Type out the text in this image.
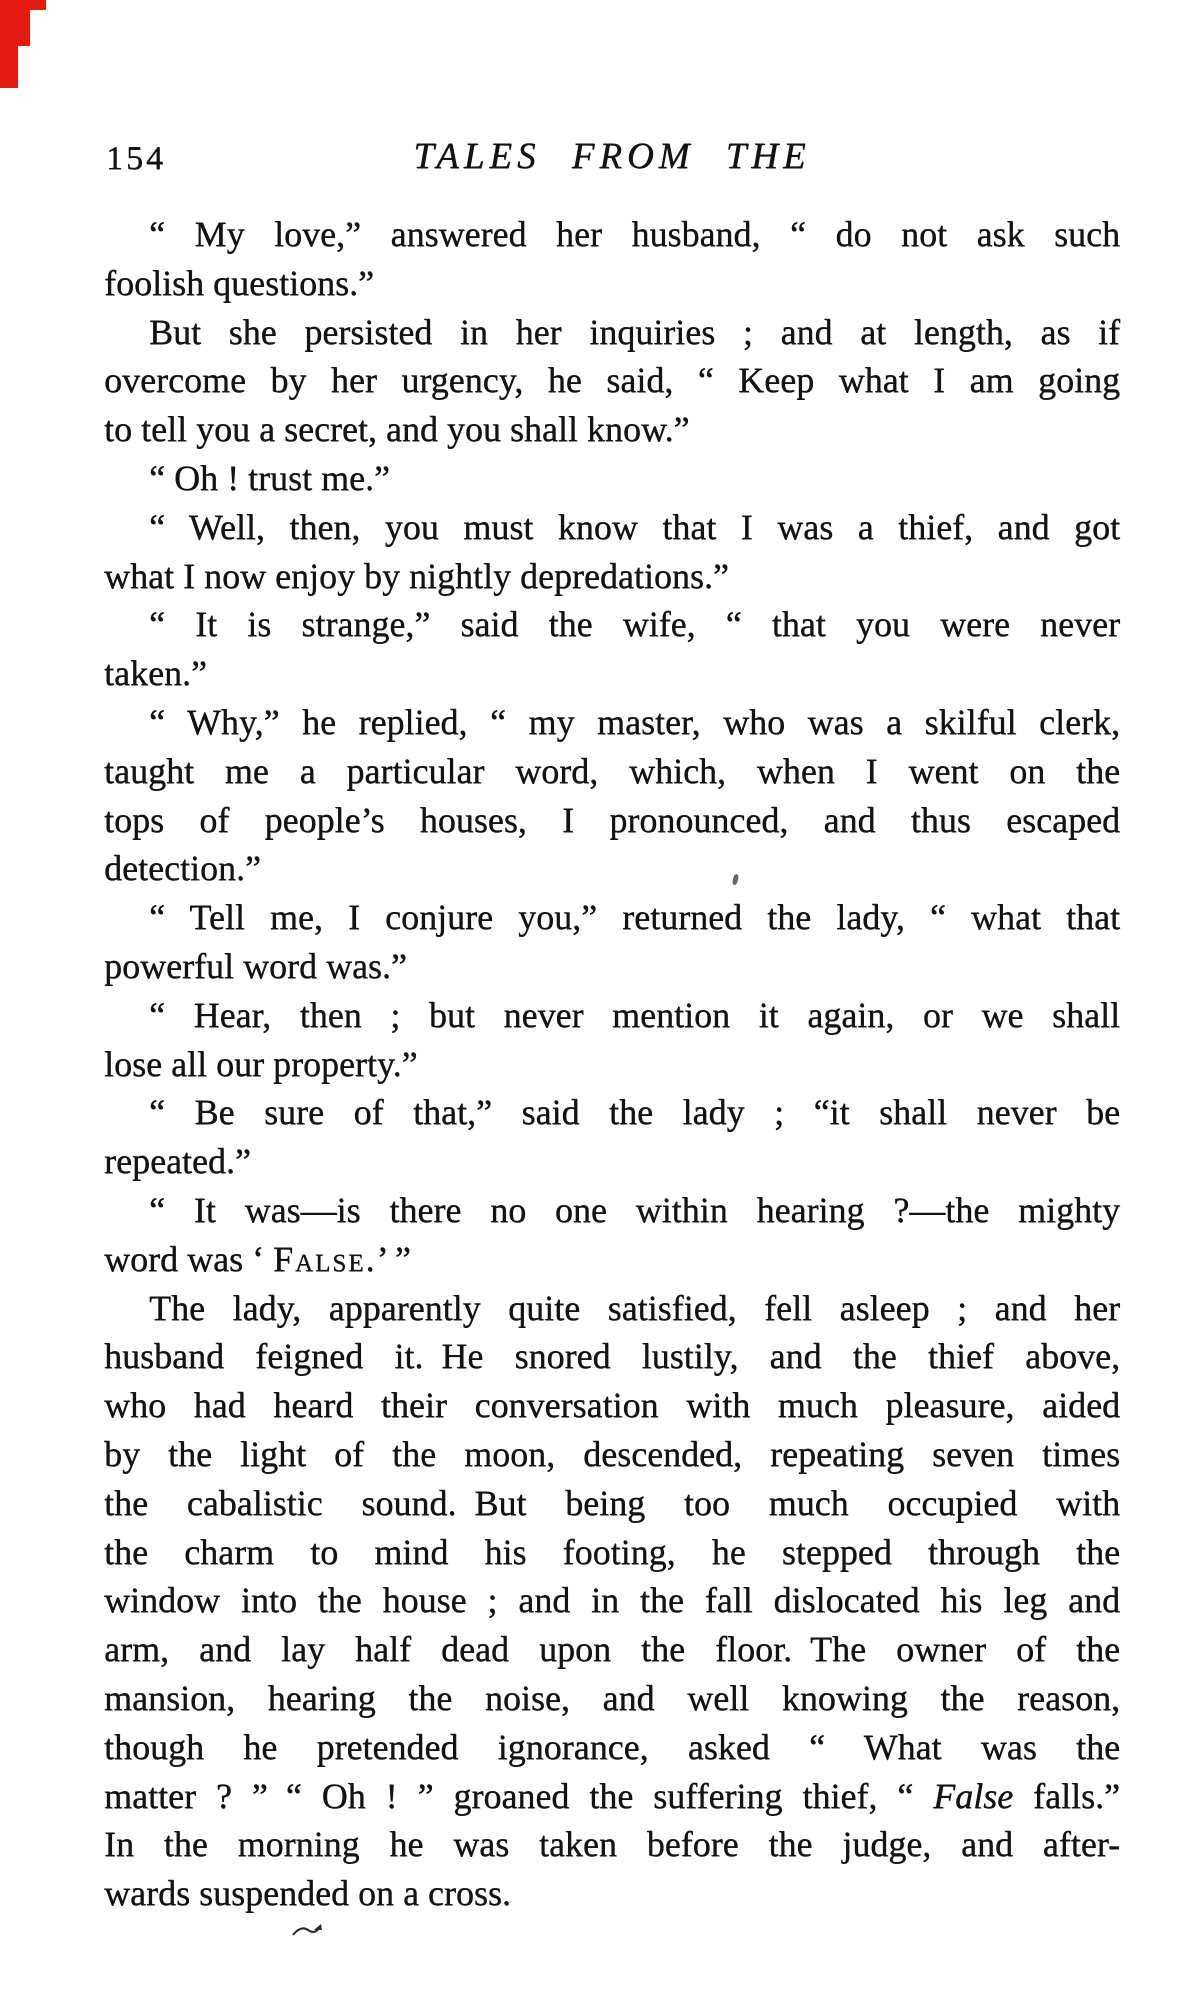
154	TALES FROM THE
“ My love,” answered her husband, “ do not ask such
foolish questions.”
But she persisted in her inquiries ; and at length, as if
overcome by her urgency, he said, “ Keep what I am going
to tell you a secret, and you shall know.”
“ Oh ! trust me.”
“ Well, then, you must know that I was a thief, and got
what I now enjoy by nightly depredations.”
“ It is strange,” said the wife, “ that you were never
taken.”
“ Why,” he replied, “ my master, who was a skilful clerk,
taught me a particular word, which, when I went on the
tops of people’s houses, I pronounced, and thus escaped
detection.”
“ Tell me, I conjure you,” returned the lady, “ what that
powerful word was.”
“ Hear, then ; but never mention it again, or we shall
lose all our property.”
“ Be sure of that,” said the lady ; “it shall never be
repeated.”
“ It was—is there no one within hearing ?—the mighty
word was ‘ False.’ ”
The lady, apparently quite satisfied, fell asleep ; and her
husband feigned it. He snored lustily, and the thief above,
who had heard their conversation with much pleasure, aided
by the light of the moon, descended, repeating seven times
the cabalistic sound. But being too much occupied with
the charm to mind his footing, he stepped through the
window into the house ; and in the fall dislocated his leg and
arm, and lay half dead upon the floor. The owner of the
mansion, hearing the noise, and well knowing the reason,
though he pretended ignorance, asked “ What was the
matter ? ” “ Oh ! ” groaned the suffering thief, “ False falls.”
In the morning he was taken before the judge, and after-
wards suspended on a cross.
